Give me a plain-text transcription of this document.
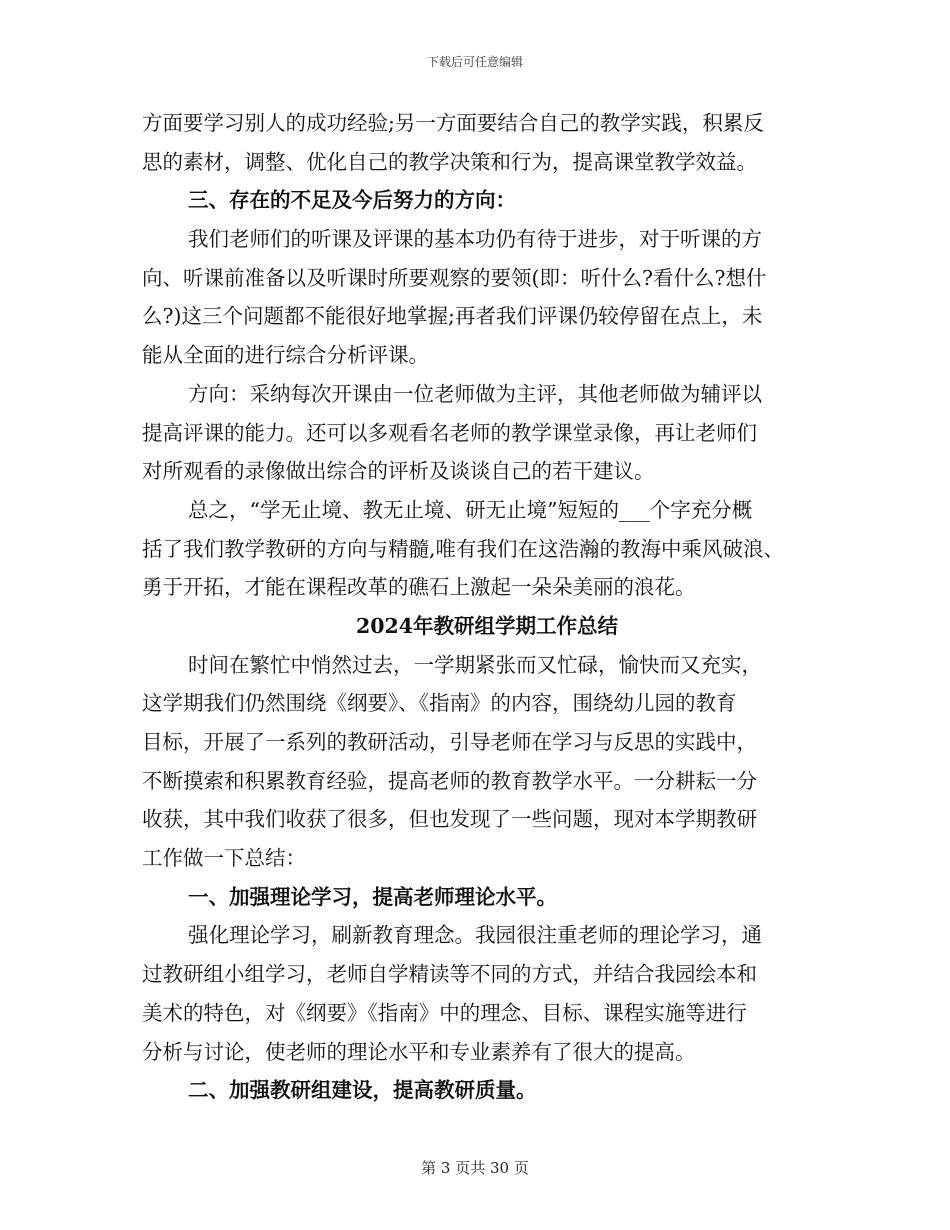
下载后可任意编辑
方面要学习别人的成功经验;另一方面要结合自己的教学实践，积累反
思的素材，调整、优化自己的教学决策和行为，提高课堂教学效益。
三、存在的不足及今后努力的方向：
我们老师们的听课及评课的基本功仍有待于进步，对于听课的方
向、听课前准备以及听课时所要观察的要领(即：听什么?看什么?想什
么?)这三个问题都不能很好地掌握;再者我们评课仍较停留在点上，未
能从全面的进行综合分析评课。
方向：采纳每次开课由一位老师做为主评，其他老师做为辅评以
提高评课的能力。还可以多观看名老师的教学课堂录像，再让老师们
对所观看的录像做出综合的评析及谈谈自己的若干建议。
总之，“学无止境、教无止境、研无止境”短短的___个字充分概
括了我们教学教研的方向与精髓,唯有我们在这浩瀚的教海中乘风破浪、
勇于开拓，才能在课程改革的礁石上激起一朵朵美丽的浪花。
2024年教研组学期工作总结
时间在繁忙中悄然过去，一学期紧张而又忙碌，愉快而又充实，
这学期我们仍然围绕《纲要》、《指南》的内容，围绕幼儿园的教育
目标，开展了一系列的教研活动，引导老师在学习与反思的实践中，
不断摸索和积累教育经验，提高老师的教育教学水平。一分耕耘一分
收获，其中我们收获了很多，但也发现了一些问题，现对本学期教研
工作做一下总结：
一、加强理论学习，提高老师理论水平。
强化理论学习，刷新教育理念。我园很注重老师的理论学习，通
过教研组小组学习，老师自学精读等不同的方式，并结合我园绘本和
美术的特色，对《纲要》《指南》中的理念、目标、课程实施等进行
分析与讨论，使老师的理论水平和专业素养有了很大的提高。
二、加强教研组建设，提高教研质量。
第 3 页共 30 页
